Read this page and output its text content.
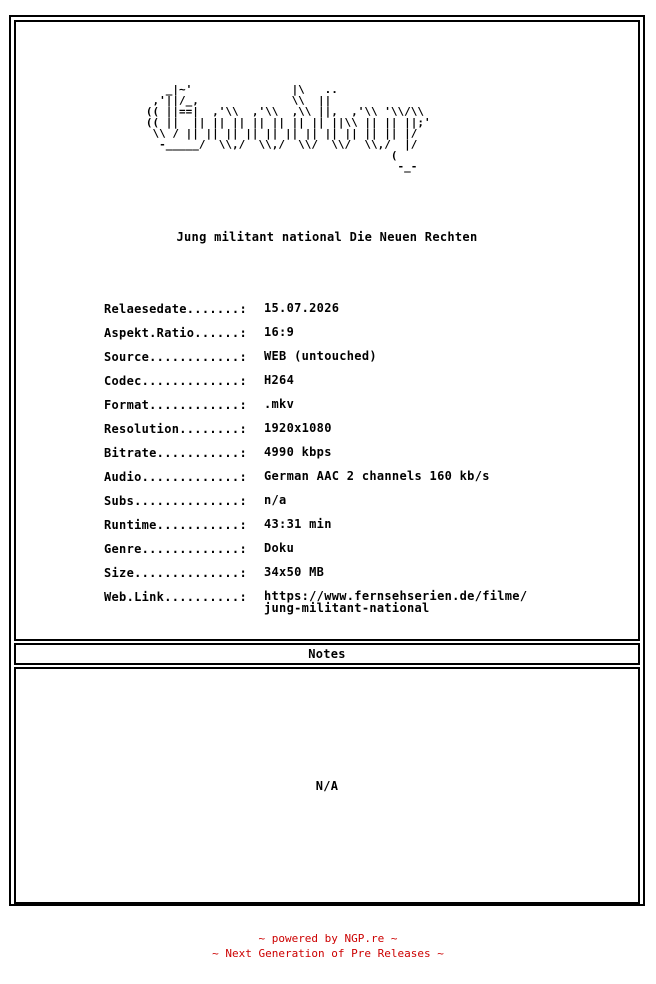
_|~'               |\   ..
,'||/_,              \\  ||
(( ||==|  ,'\\  ,'\\  ,\\ ||,  ,'\\ '\\/\\
(( ||  || || || || || || || ||\\ || || ||;'
\\ / || || || || || || || || || || || |/
-_____/  \\,/  \\,/  \\/  \\/  \\,/  |/
(
-_-
Jung militant national Die Neuen Rechten
Relaesedate.......:	15.07.2026
Aspekt.Ratio......:	16:9
Source............:	WEB (untouched)
Codec.............:	H264
Format............:	.mkv
Resolution........:	1920x1080
Bitrate...........:	4990 kbps
Audio.............:	German AAC 2 channels 160 kb/s
Subs..............:	n/a
Runtime...........:	43:31 min
Genre.............:	Doku
Size..............:	34x50 MB
Web.Link..........:	https://www.fernsehserien.de/filme/
jung-militant-national
Notes
N/A
~ powered by NGP.re ~
~ Next Generation of Pre Releases ~
